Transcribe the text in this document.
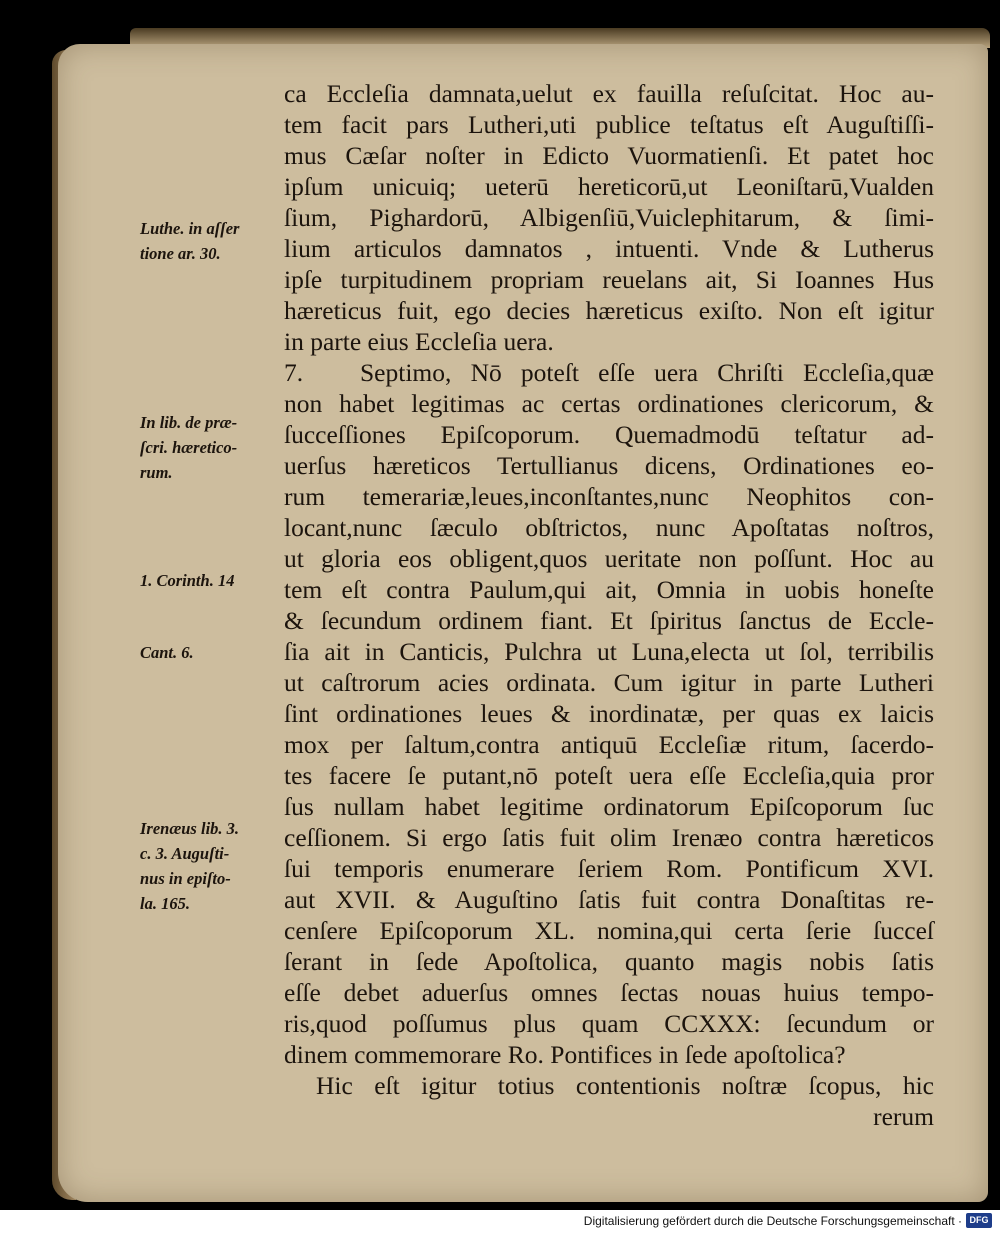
Luthe. in aſſer
tione ar. 30.
In lib. de præ-
ſcri. hæretico-
rum.
1. Corinth. 14
Cant. 6.
Irenæus lib. 3.
c. 3. Auguſti-
nus in epiſto-
la. 165.
ca Eccleſia damnata,uelut ex fauilla reſuſcitat. Hoc au-
tem facit pars Lutheri,uti publice teſtatus eſt Auguſtiſſi-
mus Cæſar noſter in Edicto Vuormatienſi. Et patet hoc
ipſum unicuiq; ueterū hereticorū,ut Leoniſtarū,Vualden
ſium, Pighardorū, Albigenſiū,Vuiclephitarum, & ſimi-
lium articulos damnatos , intuenti. Vnde & Lutherus
ipſe turpitudinem propriam reuelans ait, Si Ioannes Hus
hæreticus fuit, ego decies hæreticus exiſto. Non eſt igitur
in parte eius Eccleſia uera.
7.	Septimo, Nō poteſt eſſe uera Chriſti Eccleſia,quæ
non habet legitimas ac certas ordinationes clericorum, &
ſucceſſiones Epiſcoporum. Quemadmodū teſtatur ad-
uerſus hæreticos Tertullianus dicens, Ordinationes eo-
rum temerariæ,leues,inconſtantes,nunc Neophitos con-
locant,nunc ſæculo obſtrictos, nunc Apoſtatas noſtros,
ut gloria eos obligent,quos ueritate non poſſunt. Hoc au
tem eſt contra Paulum,qui ait, Omnia in uobis honeſte
& ſecundum ordinem fiant. Et ſpiritus ſanctus de Eccle-
ſia ait in Canticis, Pulchra ut Luna,electa ut ſol, terribilis
ut caſtrorum acies ordinata. Cum igitur in parte Lutheri
ſint ordinationes leues & inordinatæ, per quas ex laicis
mox per ſaltum,contra antiquū Eccleſiæ ritum, ſacerdo-
tes facere ſe putant,nō poteſt uera eſſe Eccleſia,quia pror
ſus nullam habet legitime ordinatorum Epiſcoporum ſuc
ceſſionem. Si ergo ſatis fuit olim Irenæo contra hæreticos
ſui temporis enumerare ſeriem Rom. Pontificum XVI.
aut XVII. & Auguſtino ſatis fuit contra Donaſtitas re-
cenſere Epiſcoporum XL. nomina,qui certa ſerie ſucceſ
ſerant in ſede Apoſtolica, quanto magis nobis ſatis
eſſe debet aduerſus omnes ſectas nouas huius tempo-
ris,quod poſſumus plus quam CCXXX: ſecundum or
dinem commemorare Ro. Pontifices in ſede apoſtolica?
Hic eſt igitur totius contentionis noſtræ ſcopus, hic
rerum
Digitalisierung gefördert durch die Deutsche Forschungsgemeinschaft · DFG
